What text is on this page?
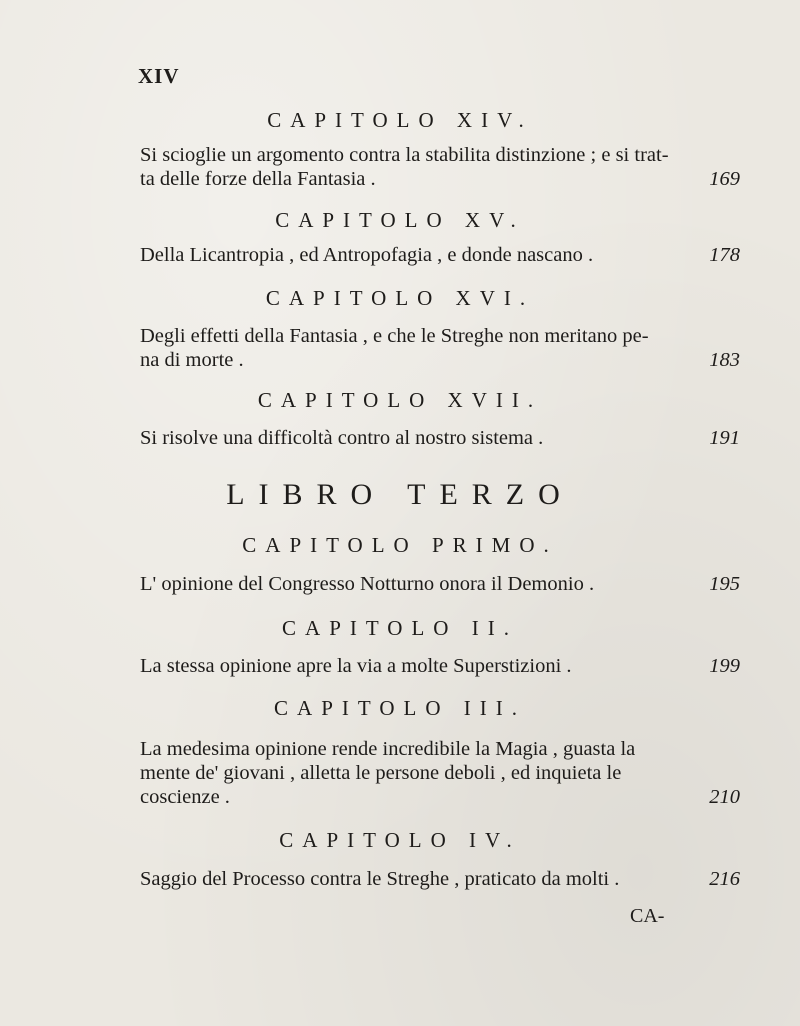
XIV
CAPITOLO XIV.
Si scioglie un argomento contra la stabilita distinzione ; e si trat-
ta delle forze della Fantasia .	169
CAPITOLO XV.
Della Licantropia , ed Antropofagia , e donde nascano .	178
CAPITOLO XVI.
Degli effetti della Fantasia , e che le Streghe non meritano pe-
na di morte .	183
CAPITOLO XVII.
Si risolve una difficoltà contro al nostro sistema .	191
LIBRO TERZO
CAPITOLO PRIMO.
L' opinione del Congresso Notturno onora il Demonio .	195
CAPITOLO II.
La stessa opinione apre la via a molte Superstizioni .	199
CAPITOLO III.
La medesima opinione rende incredibile la Magia , guasta la
mente de' giovani , alletta le persone deboli , ed inquieta le
coscienze .	210
CAPITOLO IV.
Saggio del Processo contra le Streghe , praticato da molti .	216
CA-
